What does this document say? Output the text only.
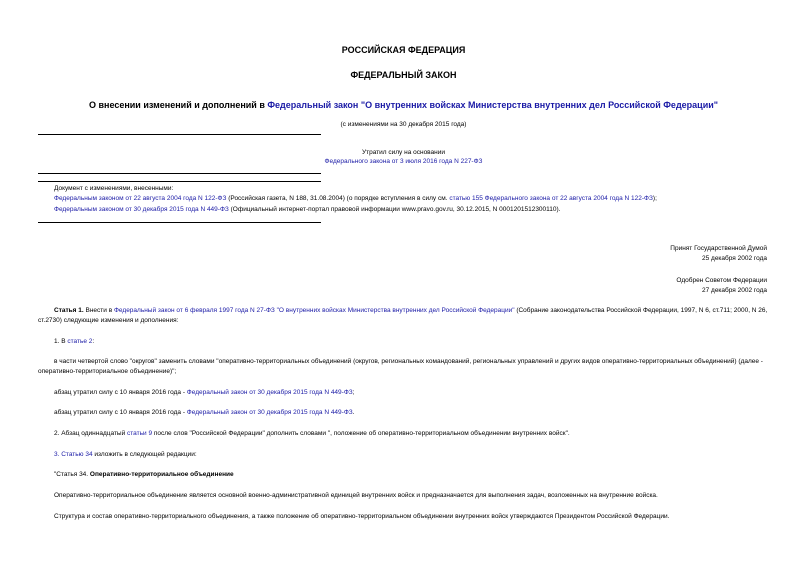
РОССИЙСКАЯ ФЕДЕРАЦИЯ
ФЕДЕРАЛЬНЫЙ ЗАКОН
О внесении изменений и дополнений в Федеральный закон "О внутренних войсках Министерства внутренних дел Российской Федерации"
(с изменениями на 30 декабря 2015 года)
Утратил силу на основании
Федерального закона от 3 июля 2016 года N 227-ФЗ
Документ с изменениями, внесенными:
Федеральным законом от 22 августа 2004 года N 122-ФЗ (Российская газета, N 188, 31.08.2004) (о порядке вступления в силу см. статью 155 Федерального закона от 22 августа 2004 года N 122-ФЗ);
Федеральным законом от 30 декабря 2015 года N 449-ФЗ (Официальный интернет-портал правовой информации www.pravo.gov.ru, 30.12.2015, N 0001201512300110).
Принят Государственной Думой
25 декабря 2002 года
Одобрен Советом Федерации
27 декабря 2002 года
Статья 1. Внести в Федеральный закон от 6 февраля 1997 года N 27-ФЗ "О внутренних войсках Министерства внутренних дел Российской Федерации" (Собрание законодательства Российской Федерации, 1997, N 6, ст.711; 2000, N 26, ст.2730) следующие изменения и дополнения:
1. В статье 2:
в части четвертой слово "округов" заменить словами "оперативно-территориальных объединений (округов, региональных командований, региональных управлений и других видов оперативно-территориальных объединений) (далее - оперативно-территориальное объединение)";
абзац утратил силу с 10 января 2016 года - Федеральный закон от 30 декабря 2015 года N 449-ФЗ;
абзац утратил силу с 10 января 2016 года - Федеральный закон от 30 декабря 2015 года N 449-ФЗ.
2. Абзац одиннадцатый статьи 9 после слов "Российской Федерации" дополнить словами ", положение об оперативно-территориальном объединении внутренних войск".
3. Статью 34 изложить в следующей редакции:
"Статья 34. Оперативно-территориальное объединение
Оперативно-территориальное объединение является основной военно-административной единицей внутренних войск и предназначается для выполнения задач, возложенных на внутренние войска.
Структура и состав оперативно-территориального объединения, а также положение об оперативно-территориальном объединении внутренних войск утверждаются Президентом Российской Федерации.
